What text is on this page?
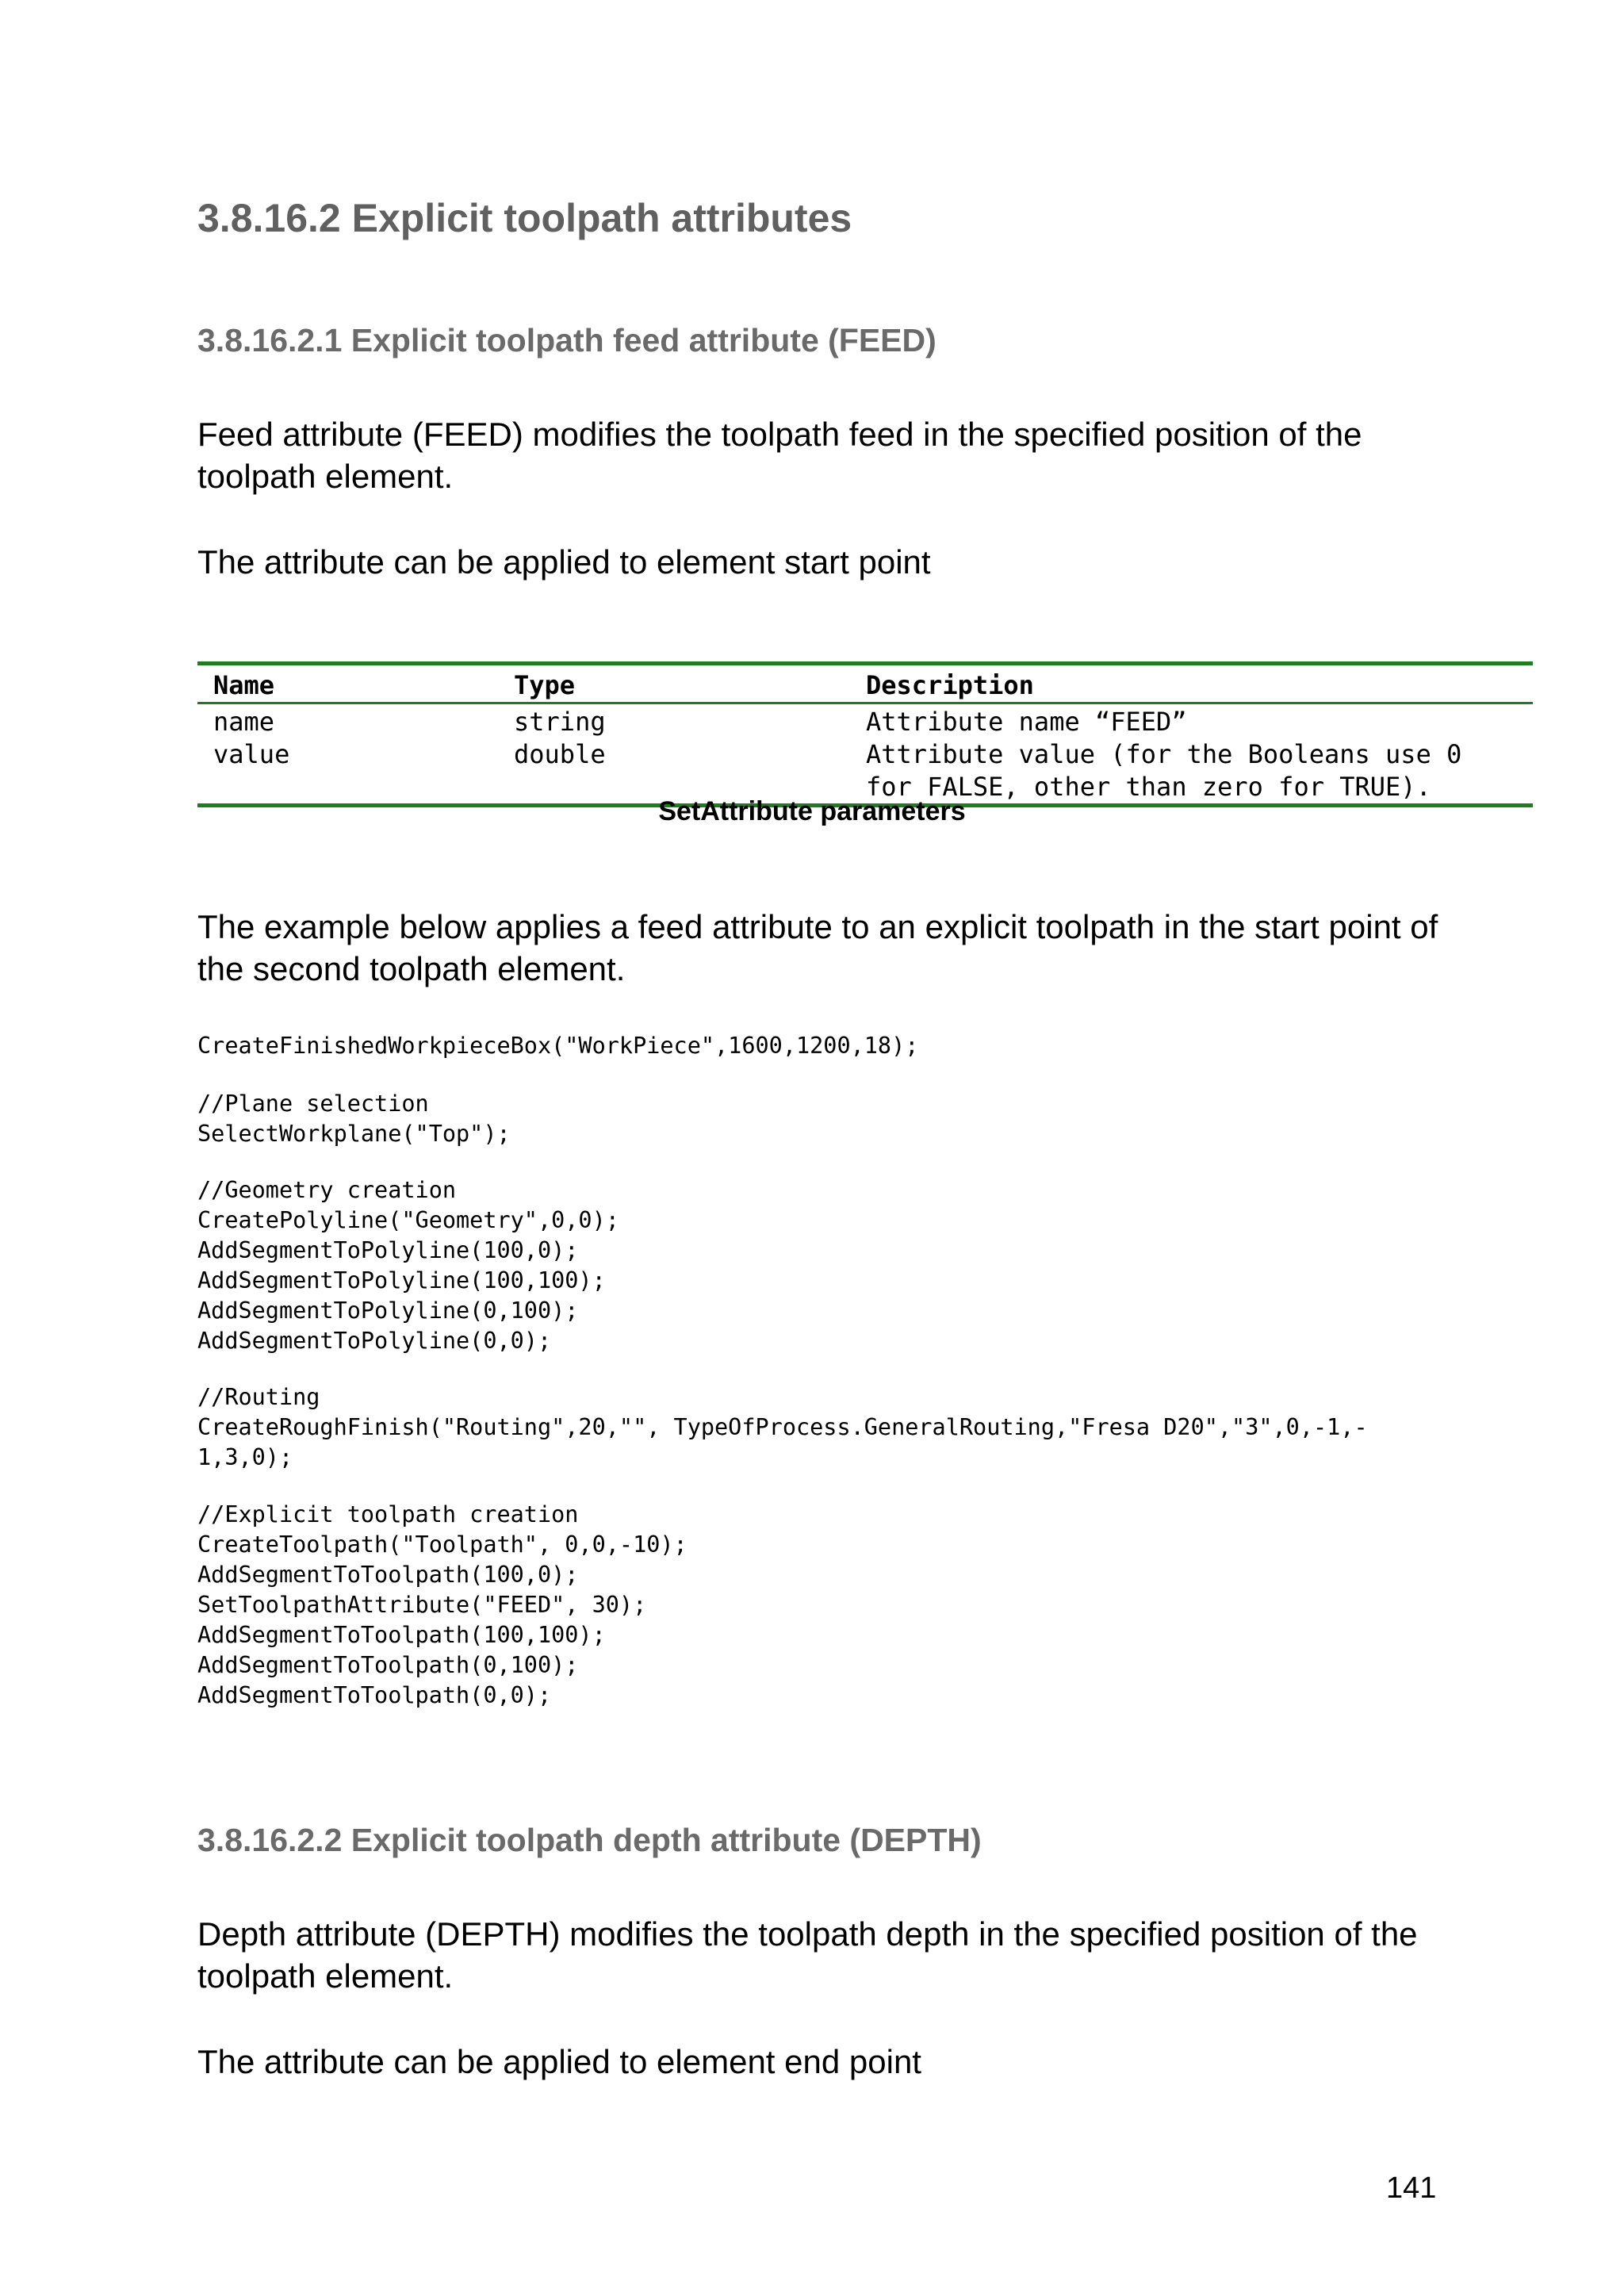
3.8.16.2 Explicit toolpath attributes
3.8.16.2.1 Explicit toolpath feed attribute (FEED)
Feed attribute (FEED) modifies the toolpath feed in the specified position of the
toolpath element.
The attribute can be applied to element start point
Name	Type	Description
name	string	Attribute name “FEED”
value	double	Attribute value (for the Booleans use 0
for FALSE, other than zero for TRUE).
SetAttribute parameters
The example below applies a feed attribute to an explicit toolpath in the start point of
the second toolpath element.
CreateFinishedWorkpieceBox("WorkPiece",1600,1200,18);
//Plane selection
SelectWorkplane("Top");
//Geometry creation
CreatePolyline("Geometry",0,0);
AddSegmentToPolyline(100,0);
AddSegmentToPolyline(100,100);
AddSegmentToPolyline(0,100);
AddSegmentToPolyline(0,0);
//Routing
CreateRoughFinish("Routing",20,"", TypeOfProcess.GeneralRouting,"Fresa D20","3",0,-1,-
1,3,0);
//Explicit toolpath creation
CreateToolpath("Toolpath", 0,0,-10);
AddSegmentToToolpath(100,0);
SetToolpathAttribute("FEED", 30);
AddSegmentToToolpath(100,100);
AddSegmentToToolpath(0,100);
AddSegmentToToolpath(0,0);
3.8.16.2.2 Explicit toolpath depth attribute (DEPTH)
Depth attribute (DEPTH) modifies the toolpath depth in the specified position of the
toolpath element.
The attribute can be applied to element end point
141
